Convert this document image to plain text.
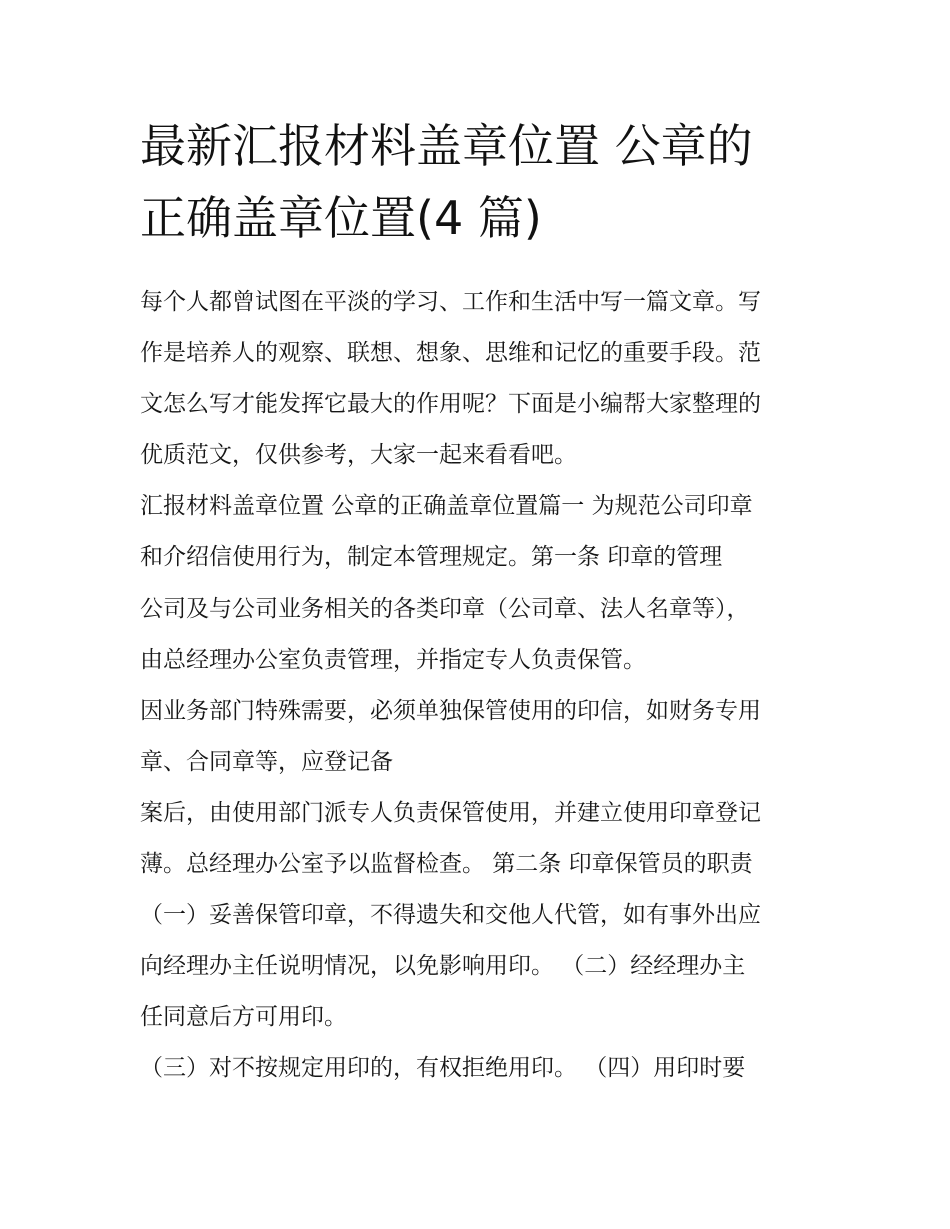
最新汇报材料盖章位置 公章的
正确盖章位置(4 篇)
每个人都曾试图在平淡的学习、工作和生活中写一篇文章。写
作是培养人的观察、联想、想象、思维和记忆的重要手段。范
文怎么写才能发挥它最大的作用呢？下面是小编帮大家整理的
优质范文，仅供参考，大家一起来看看吧。
汇报材料盖章位置 公章的正确盖章位置篇一 为规范公司印章
和介绍信使用行为，制定本管理规定。第一条 印章的管理
公司及与公司业务相关的各类印章（公司章、法人名章等），
由总经理办公室负责管理，并指定专人负责保管。
因业务部门特殊需要，必须单独保管使用的印信，如财务专用
章、合同章等，应登记备
案后，由使用部门派专人负责保管使用，并建立使用印章登记
薄。总经理办公室予以监督检查。 第二条 印章保管员的职责
（一）妥善保管印章，不得遗失和交他人代管，如有事外出应
向经理办主任说明情况，以免影响用印。 （二）经经理办主
任同意后方可用印。
（三）对不按规定用印的，有权拒绝用印。 （四）用印时要
